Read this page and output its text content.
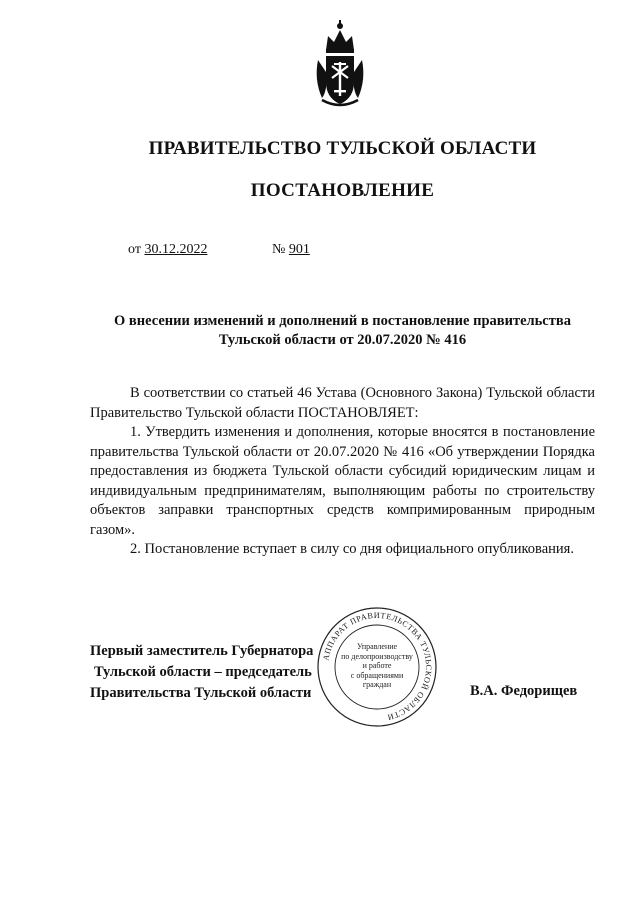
ПРАВИТЕЛЬСТВО ТУЛЬСКОЙ ОБЛАСТИ
ПОСТАНОВЛЕНИЕ
от 30.12.2022	№ 901
О внесении изменений и дополнений в постановление правительства
Тульской области от 20.07.2020 № 416

В соответствии со статьей 46 Устава (Основного Закона) Тульской области Правительство Тульской области ПОСТАНОВЛЯЕТ:

1. Утвердить изменения и дополнения, которые вносятся в постановление правительства Тульской области от 20.07.2020 № 416 «Об утверждении Порядка предоставления из бюджета Тульской области субсидий юридическим лицам и индивидуальным предпринимателям, выполняющим работы по строительству объектов заправки транспортных средств компримированным природным газом».

2. Постановление вступает в силу со дня официального опубликования.

Первый заместитель Губернатора
Тульской области – председатель
Правительства Тульской области
АППАРАТ ПРАВИТЕЛЬСТВА ТУЛЬСКОЙ ОБЛАСТИ
Управление
по делопроизводству
и работе
с обращениями
граждан	В.А. Федорищев
